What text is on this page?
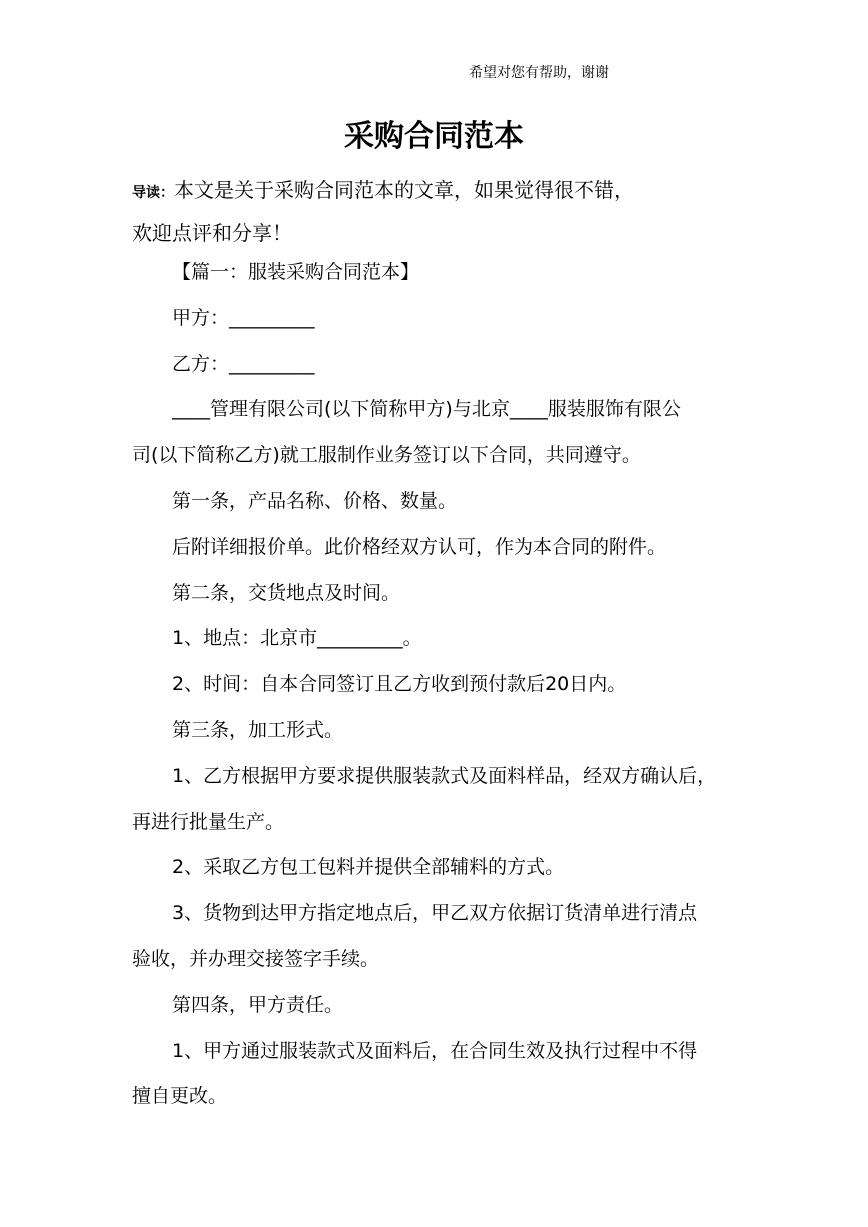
希望对您有帮助，谢谢
采购合同范本
导读：本文是关于采购合同范本的文章，如果觉得很不错，
欢迎点评和分享！
【篇一：服装采购合同范本】
甲方：_________
乙方：_________
____管理有限公司(以下简称甲方)与北京____服装服饰有限公
司(以下简称乙方)就工服制作业务签订以下合同，共同遵守。
第一条，产品名称、价格、数量。
后附详细报价单。此价格经双方认可，作为本合同的附件。
第二条，交货地点及时间。
1、地点：北京市_________。
2、时间：自本合同签订且乙方收到预付款后20日内。
第三条，加工形式。
1、乙方根据甲方要求提供服装款式及面料样品，经双方确认后，
再进行批量生产。
2、采取乙方包工包料并提供全部辅料的方式。
3、货物到达甲方指定地点后，甲乙双方依据订货清单进行清点
验收，并办理交接签字手续。
第四条，甲方责任。
1、甲方通过服装款式及面料后，在合同生效及执行过程中不得
擅自更改。
